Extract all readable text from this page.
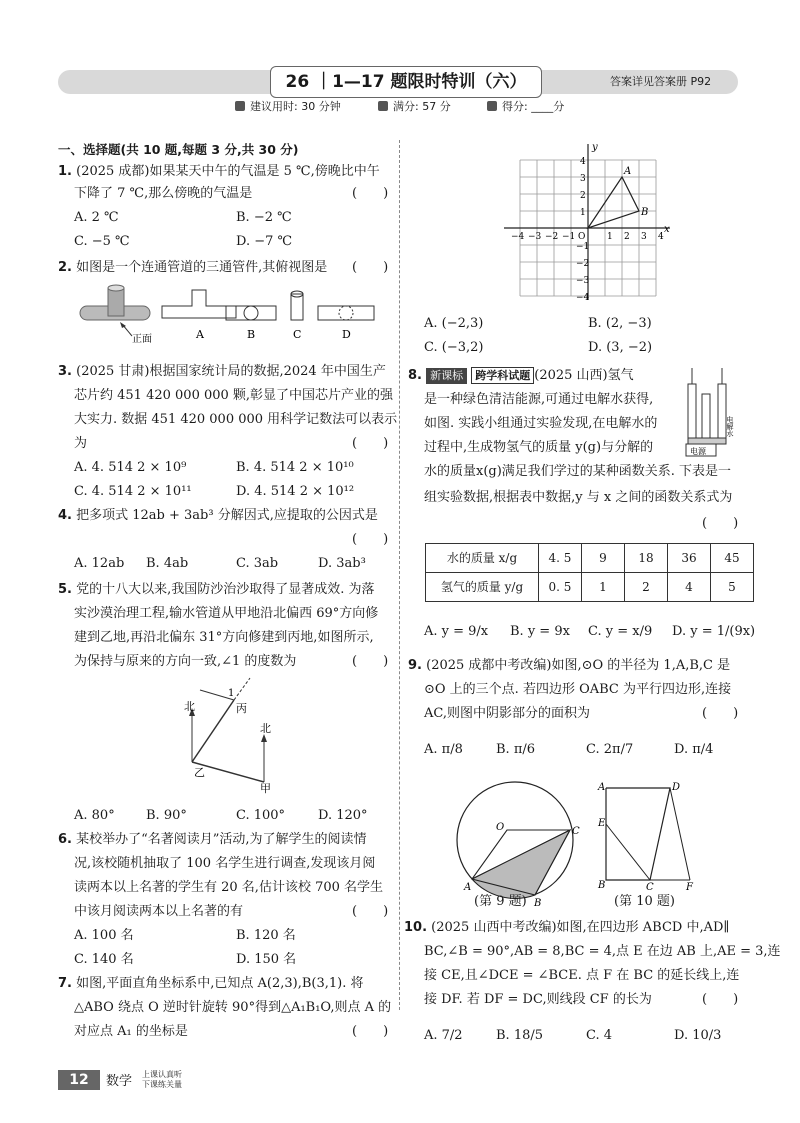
26 ｜1—17 题限时特训（六）	答案详见答案册 P92
建议用时: 30 分钟	满分: 57 分	得分: ____分
一、选择题(共 10 题,每题 3 分,共 30 分)
1. (2025 成都)如果某天中午的气温是 5 ℃,傍晚比中午
下降了 7 ℃,那么傍晚的气温是	(　　)
A. 2 ℃	B. −2 ℃
C. −5 ℃	D. −7 ℃
2. 如图是一个连通管道的三通管件,其俯视图是 (　　)
正面	A	B	C	D
3. (2025 甘肃)根据国家统计局的数据,2024 年中国生产
芯片约 451 420 000 000 颗,彰显了中国芯片产业的强
大实力. 数据 451 420 000 000 用科学记数法可以表示
为	(　　)
A. 4. 514 2 × 10⁹	B. 4. 514 2 × 10¹⁰
C. 4. 514 2 × 10¹¹	D. 4. 514 2 × 10¹²
4. 把多项式 12ab + 3ab³ 分解因式,应提取的公因式是
(　　)
A. 12ab B. 4ab	C. 3ab	D. 3ab³
5. 党的十八大以来,我国防沙治沙取得了显著成效. 为落
实沙漠治理工程,输水管道从甲地沿北偏西 69°方向修
建到乙地,再沿北偏东 31°方向修建到丙地,如图所示,
为保持与原来的方向一致,∠1 的度数为	(　　)
北
北
丙
乙
甲
1
A. 80° B. 90°	C. 100°	D. 120°
6. 某校举办了“名著阅读月”活动,为了解学生的阅读情
况,该校随机抽取了 100 名学生进行调查,发现该月阅
读两本以上名著的学生有 20 名,估计该校 700 名学生
中该月阅读两本以上名著的有	(　　)
A. 100 名	B. 120 名
C. 140 名	D. 150 名
7. 如图,平面直角坐标系中,已知点 A(2,3),B(3,1). 将
△ABO 绕点 O 逆时针旋转 90°得到△A₁B₁O,则点 A 的
对应点 A₁ 的坐标是	(　　)
x
y
−4 −3 −2 −1 O 1 2 3 4
4
3
2
1
−1
−2
−3
−4
A
B
A. (−2,3)	B. (2, −3)
C. (−3,2)	D. (3, −2)
8. 新课标 跨学科试题 (2025 山西)氢气
是一种绿色清洁能源,可通过电解水获得,
如图. 实践小组通过实验发现,在电解水的
过程中,生成物氢气的质量 y(g)与分解的	电源
电解水
水的质量x(g)满足我们学过的某种函数关系. 下表是一
组实验数据,根据表中数据,y 与 x 之间的函数关系式为
(　　)
水的质量 x/g	4. 5	9	18	36	45
氢气的质量 y/g	0. 5	1	2	4	5
A. y = 9/x B. y = 9x C. y = x/9 D. y = 1/(9x)
9. (2025 成都中考改编)如图,⊙O 的半径为 1,A,B,C 是
⊙O 上的三个点. 若四边形 OABC 为平行四边形,连接
AC,则图中阴影部分的面积为	(　　)
A. π/8	B. π/6	C. 2π/7	D. π/4
O
A
B
C
(第 9 题)
A
E
B	C
D
F
(第 10 题)
10. (2025 山西中考改编)如图,在四边形 ABCD 中,AD∥
BC,∠B = 90°,AB = 8,BC = 4,点 E 在边 AB 上,AE = 3,连
接 CE,且∠DCE = ∠BCE. 点 F 在 BC 的延长线上,连
接 DF. 若 DF = DC,则线段 CF 的长为	(　　)
A. 7/2	B. 18/5	C. 4	D. 10/3
12	数学 上课认真听
下课练关量
